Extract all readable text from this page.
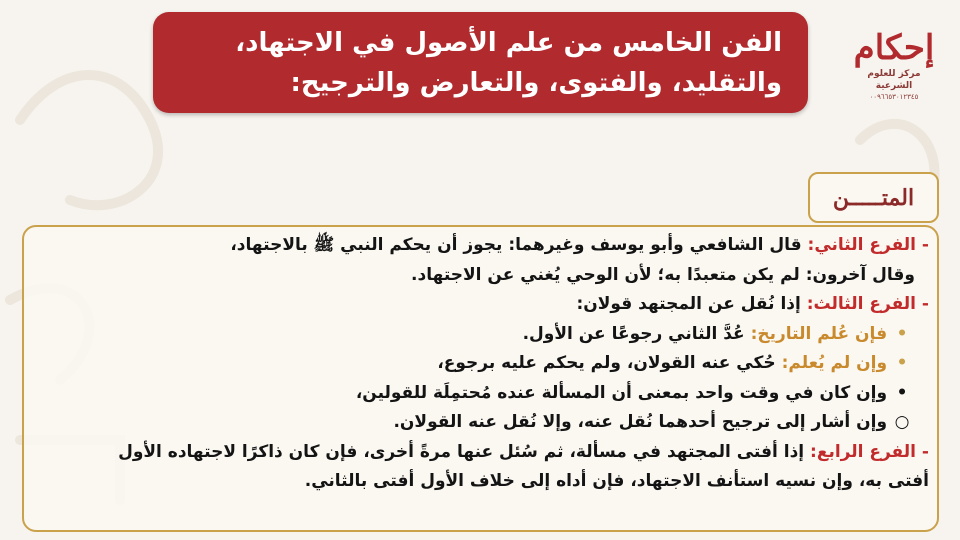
الفن الخامس من علم الأصول في الاجتهاد،
والتقليد، والفتوى، والتعارض والترجيح:
إحكام
مركز للعلوم الشرعية
٠٠٩٦٦٥٣٠١٢٣٤٥
المتـــــن
- الفرع الثاني: قال الشافعي وأبو يوسف وغيرهما: يجوز أن يحكم النبي ﷺ بالاجتهاد،
وقال آخرون: لم يكن متعبدًا به؛ لأن الوحي يُغني عن الاجتهاد.
- الفرع الثالث: إذا نُقل عن المجتهد قولان:
• فإن عُلم التاريخ: عُدَّ الثاني رجوعًا عن الأول.
• وإن لم يُعلم: حُكي عنه القولان، ولم يحكم عليه برجوع،
• وإن كان في وقت واحد بمعنى أن المسألة عنده مُحتمِلَة للقولين،
○ وإن أشار إلى ترجيح أحدهما نُقل عنه، وإلا نُقل عنه القولان.
- الفرع الرابع: إذا أفتى المجتهد في مسألة، ثم سُئل عنها مرةً أخرى، فإن كان ذاكرًا لاجتهاده الأول
أفتى به، وإن نسيه استأنف الاجتهاد، فإن أداه إلى خلاف الأول أفتى بالثاني.
